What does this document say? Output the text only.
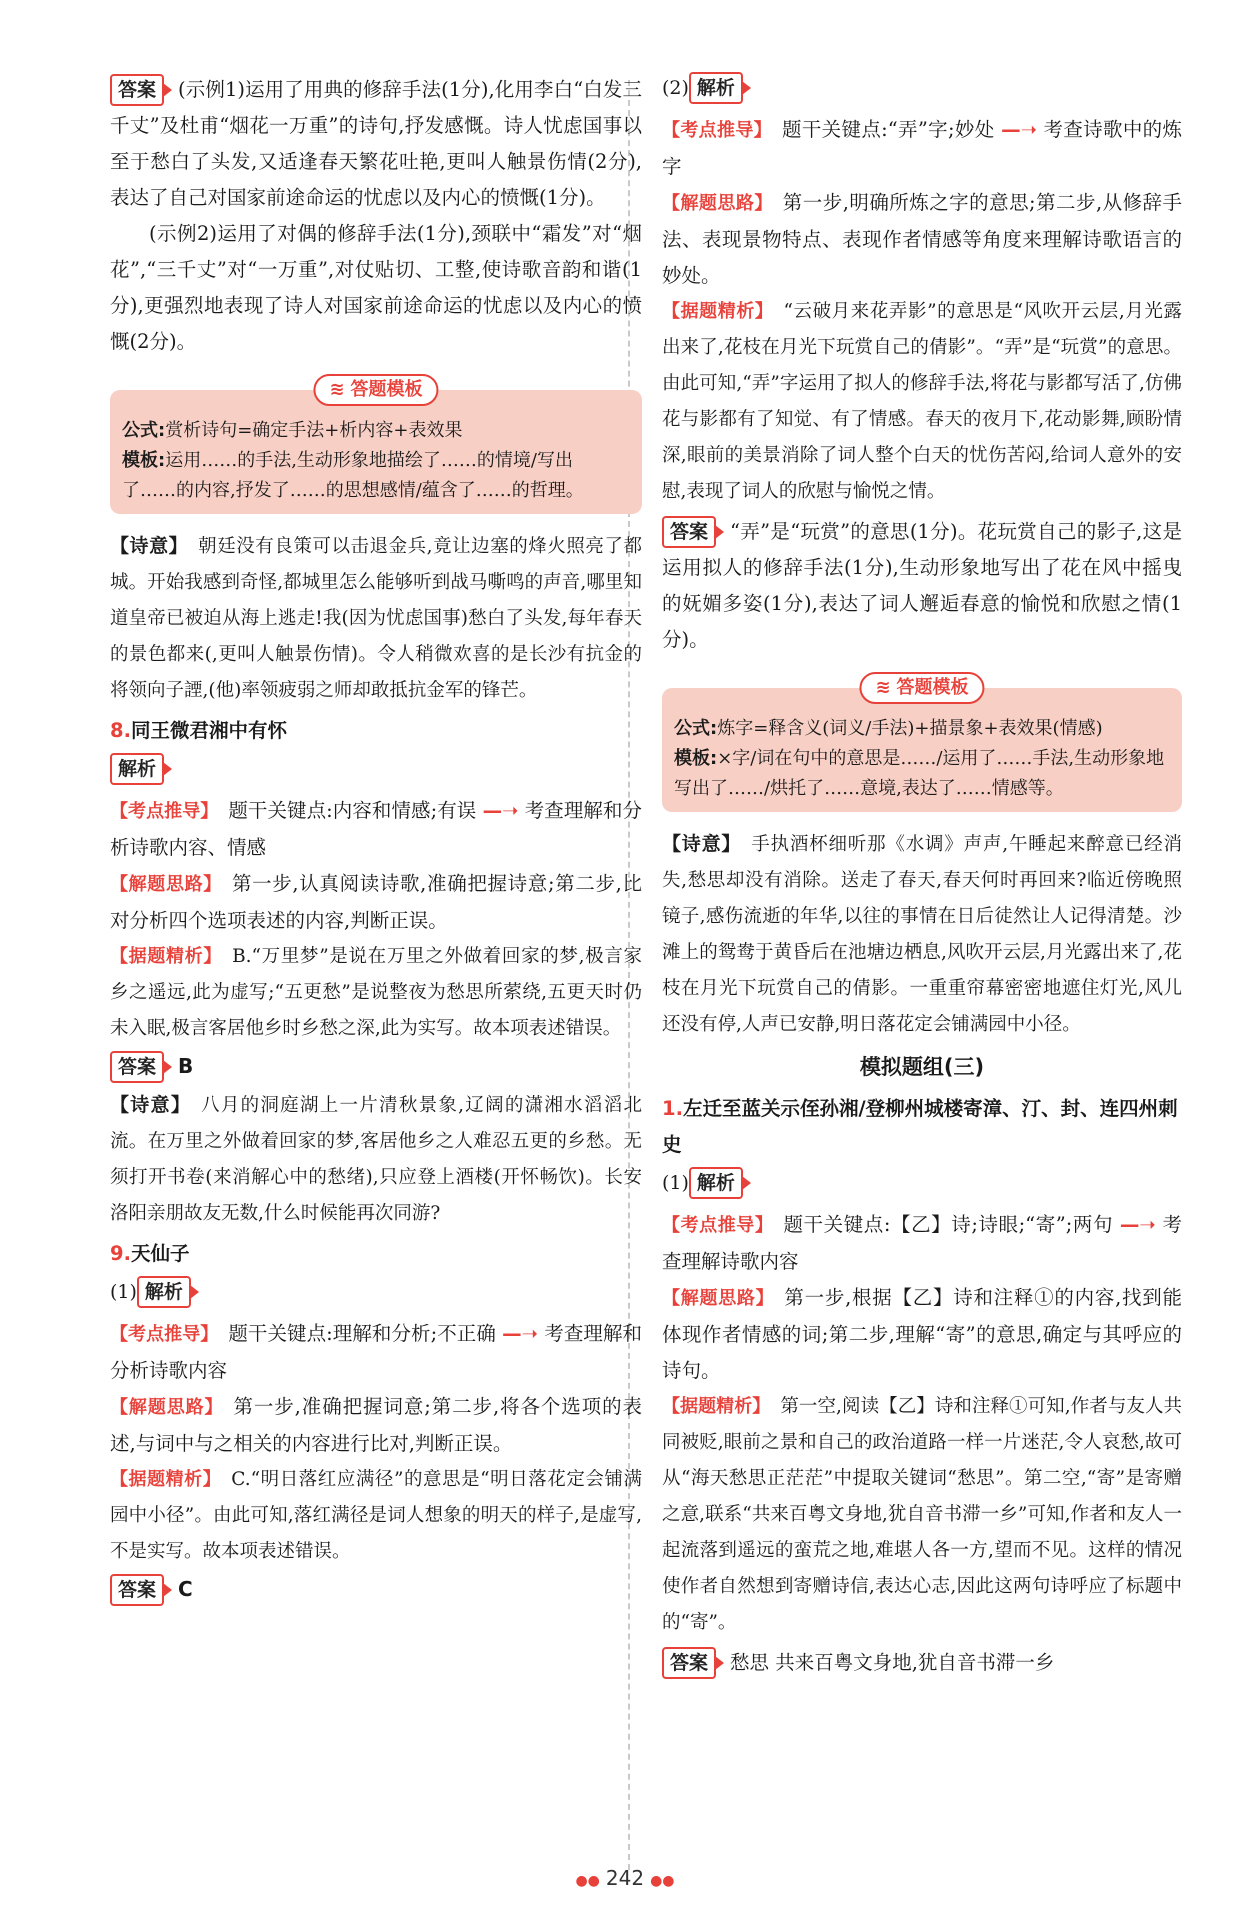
答案 (示例1)运用了用典的修辞手法(1分),化用李白“白发三千丈”及杜甫“烟花一万重”的诗句,抒发感慨。诗人忧虑国事以至于愁白了头发,又适逢春天繁花吐艳,更叫人触景伤情(2分),表达了自己对国家前途命运的忧虑以及内心的愤慨(1分)。

(示例2)运用了对偶的修辞手法(1分),颈联中“霜发”对“烟花”,“三千丈”对“一万重”,对仗贴切、工整,使诗歌音韵和谐(1分),更强烈地表现了诗人对国家前途命运的忧虑以及内心的愤慨(2分)。

≋ 答题模板

公式:赏析诗句=确定手法+析内容+表效果

模板:运用……的手法,生动形象地描绘了……的情境/写出了……的内容,抒发了……的思想感情/蕴含了……的哲理。

【诗意】 朝廷没有良策可以击退金兵,竟让边塞的烽火照亮了都城。开始我感到奇怪,都城里怎么能够听到战马嘶鸣的声音,哪里知道皇帝已被迫从海上逃走!我(因为忧虑国事)愁白了头发,每年春天的景色都来(,更叫人触景伤情)。令人稍微欢喜的是长沙有抗金的将领向子諲,(他)率领疲弱之师却敢抵抗金军的锋芒。

8.同王微君湘中有怀

解析

【考点推导】 题干关键点:内容和情感;有误 —➝ 考查理解和分析诗歌内容、情感

【解题思路】 第一步,认真阅读诗歌,准确把握诗意;第二步,比对分析四个选项表述的内容,判断正误。

【据题精析】 B.“万里梦”是说在万里之外做着回家的梦,极言家乡之遥远,此为虚写;“五更愁”是说整夜为愁思所萦绕,五更天时仍未入眠,极言客居他乡时乡愁之深,此为实写。故本项表述错误。

答案 B

【诗意】 八月的洞庭湖上一片清秋景象,辽阔的潇湘水滔滔北流。在万里之外做着回家的梦,客居他乡之人难忍五更的乡愁。无须打开书卷(来消解心中的愁绪),只应登上酒楼(开怀畅饮)。长安洛阳亲朋故友无数,什么时候能再次同游?

9.天仙子

(1) 解析

【考点推导】 题干关键点:理解和分析;不正确 —➝ 考查理解和分析诗歌内容

【解题思路】 第一步,准确把握词意;第二步,将各个选项的表述,与词中与之相关的内容进行比对,判断正误。

【据题精析】 C.“明日落红应满径”的意思是“明日落花定会铺满园中小径”。由此可知,落红满径是词人想象的明天的样子,是虚写,不是实写。故本项表述错误。

答案 C

(2) 解析

【考点推导】 题干关键点:“弄”字;妙处 —➝ 考查诗歌中的炼字

【解题思路】 第一步,明确所炼之字的意思;第二步,从修辞手法、表现景物特点、表现作者情感等角度来理解诗歌语言的妙处。

【据题精析】 “云破月来花弄影”的意思是“风吹开云层,月光露出来了,花枝在月光下玩赏自己的倩影”。“弄”是“玩赏”的意思。由此可知,“弄”字运用了拟人的修辞手法,将花与影都写活了,仿佛花与影都有了知觉、有了情感。春天的夜月下,花动影舞,顾盼情深,眼前的美景消除了词人整个白天的忧伤苦闷,给词人意外的安慰,表现了词人的欣慰与愉悦之情。

答案 “弄”是“玩赏”的意思(1分)。花玩赏自己的影子,这是运用拟人的修辞手法(1分),生动形象地写出了花在风中摇曳的妩媚多姿(1分),表达了词人邂逅春意的愉悦和欣慰之情(1分)。

≋ 答题模板

公式:炼字=释含义(词义/手法)+描景象+表效果(情感)

模板:×字/词在句中的意思是……/运用了……手法,生动形象地写出了……/烘托了……意境,表达了……情感等。

【诗意】 手执酒杯细听那《水调》声声,午睡起来醉意已经消失,愁思却没有消除。送走了春天,春天何时再回来?临近傍晚照镜子,感伤流逝的年华,以往的事情在日后徒然让人记得清楚。沙滩上的鸳鸯于黄昏后在池塘边栖息,风吹开云层,月光露出来了,花枝在月光下玩赏自己的倩影。一重重帘幕密密地遮住灯光,风儿还没有停,人声已安静,明日落花定会铺满园中小径。

模拟题组(三)

1.左迁至蓝关示侄孙湘/登柳州城楼寄漳、汀、封、连四州刺史

(1) 解析

【考点推导】 题干关键点:【乙】诗;诗眼;“寄”;两句 —➝ 考查理解诗歌内容

【解题思路】 第一步,根据【乙】诗和注释①的内容,找到能体现作者情感的词;第二步,理解“寄”的意思,确定与其呼应的诗句。

【据题精析】 第一空,阅读【乙】诗和注释①可知,作者与友人共同被贬,眼前之景和自己的政治道路一样一片迷茫,令人哀愁,故可从“海天愁思正茫茫”中提取关键词“愁思”。第二空,“寄”是寄赠之意,联系“共来百粤文身地,犹自音书滞一乡”可知,作者和友人一起流落到遥远的蛮荒之地,难堪人各一方,望而不见。这样的情况使作者自然想到寄赠诗信,表达心志,因此这两句诗呼应了标题中的“寄”。

答案 愁思 共来百粤文身地,犹自音书滞一乡

●● 242 ●●
